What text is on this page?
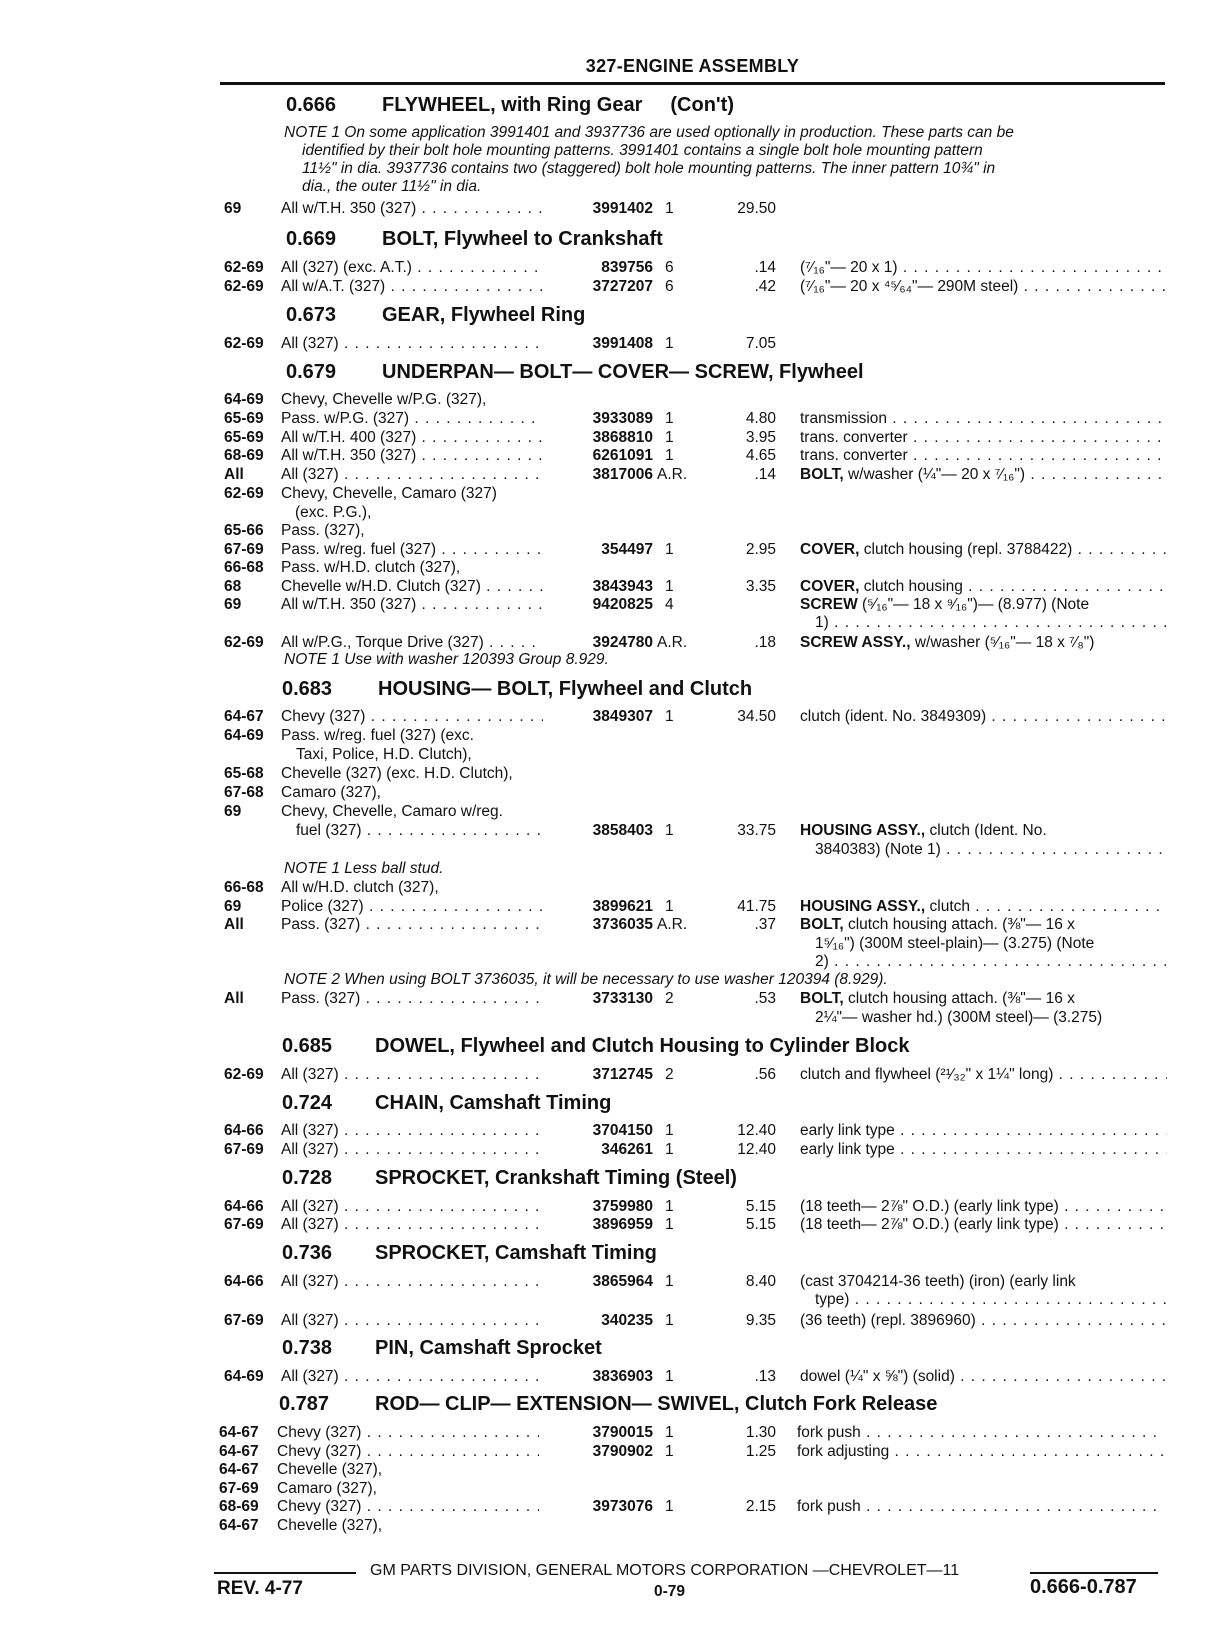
327-ENGINE ASSEMBLY
0.666 FLYWHEEL, with Ring Gear (Con't)
NOTE 1 On some application 3991401 and 3937736 are used optionally in production. These parts can be
identified by their bolt hole mounting patterns. 3991401 contains a single bolt hole mounting pattern
11½" in dia. 3937736 contains two (staggered) bolt hole mounting patterns. The inner pattern 10¾" in
dia., the outer 11½" in dia.
69	All w/T.H. 350 (327) . . .	3991402 1	29.50
0.669 BOLT, Flywheel to Crankshaft
62-69 All (327) (exc. A.T.) . . .	839756 6	.14 (⁷⁄₁₆"— 20 x 1) . . .
62-69 All w/A.T. (327) . . .	3727207 6	.42 (⁷⁄₁₆"— 20 x ⁴⁵⁄₆₄"— 290M steel) . . .
0.673 GEAR, Flywheel Ring
62-69 All (327) . . .	3991408 1	7.05
0.679 UNDERPAN— BOLT— COVER— SCREW, Flywheel
64-69 Chevy, Chevelle w/P.G. (327),
65-69 Pass. w/P.G. (327) . . .	3933089 1	4.80 transmission . . .
65-69 All w/T.H. 400 (327) . . .	3868810 1	3.95 trans. converter . . .
68-69 All w/T.H. 350 (327) . . .	6261091 1	4.65 trans. converter . . .
All All (327) . . .	3817006 A.R.	.14 BOLT, w/washer (¼"— 20 x ⁷⁄₁₆") . . .
62-69 Chevy, Chevelle, Camaro (327)
(exc. P.G.),
65-66 Pass. (327),
67-69 Pass. w/reg. fuel (327) . . .	354497 1	2.95 COVER, clutch housing (repl. 3788422) . . .
66-68 Pass. w/H.D. clutch (327),
68	Chevelle w/H.D. Clutch (327) . . .	3843943 1	3.35 COVER, clutch housing . . .
69	All w/T.H. 350 (327) . . .	9420825 4	SCREW (⁵⁄₁₆"— 18 x ⁹⁄₁₆")— (8.977) (Note
1) . . .
62-69 All w/P.G., Torque Drive (327) . . .	3924780 A.R.	.18 SCREW ASSY., w/washer (⁵⁄₁₆"— 18 x ⁷⁄₈")
NOTE 1 Use with washer 120393 Group 8.929.
0.683 HOUSING— BOLT, Flywheel and Clutch
64-67 Chevy (327) . . .	3849307 1	34.50 clutch (ident. No. 3849309) . . .
64-69 Pass. w/reg. fuel (327) (exc.
Taxi, Police, H.D. Clutch),
65-68 Chevelle (327) (exc. H.D. Clutch),
67-68 Camaro (327),
69	Chevy, Chevelle, Camaro w/reg.
fuel (327) . . .	3858403 1	33.75 HOUSING ASSY., clutch (Ident. No.
3840383) (Note 1) . . .
NOTE 1 Less ball stud.
66-68 All w/H.D. clutch (327),
69	Police (327) . . .	3899621 1	41.75 HOUSING ASSY., clutch . . .
All Pass. (327) . . .	3736035 A.R.	.37 BOLT, clutch housing attach. (⅜"— 16 x
1⁵⁄₁₆") (300M steel-plain)— (3.275) (Note
2) . . .
NOTE 2 When using BOLT 3736035, it will be necessary to use washer 120394 (8.929).
All Pass. (327) . . .	3733130 2	.53 BOLT, clutch housing attach. (⅜"— 16 x
2¼"— washer hd.) (300M steel)— (3.275)
0.685 DOWEL, Flywheel and Clutch Housing to Cylinder Block
62-69 All (327) . . .	3712745 2	.56 clutch and flywheel (²¹⁄₃₂" x 1¼" long) . . .
0.724 CHAIN, Camshaft Timing
64-66 All (327) . . .	3704150 1	12.40 early link type . . .
67-69 All (327) . . .	346261 1	12.40 early link type . . .
0.728 SPROCKET, Crankshaft Timing (Steel)
64-66 All (327) . . .	3759980 1	5.15 (18 teeth— 2⅞" O.D.) (early link type) . . .
67-69 All (327) . . .	3896959 1	5.15 (18 teeth— 2⅞" O.D.) (early link type) . . .
0.736 SPROCKET, Camshaft Timing
64-66 All (327) . . .	3865964 1	8.40 (cast 3704214-36 teeth) (iron) (early link
type) . . .
67-69 All (327) . . .	340235 1	9.35 (36 teeth) (repl. 3896960) . . .
0.738 PIN, Camshaft Sprocket
64-69 All (327) . . .	3836903 1	.13 dowel (¼" x ⅝") (solid) . . .
0.787 ROD— CLIP— EXTENSION— SWIVEL, Clutch Fork Release
64-67 Chevy (327) . . .	3790015 1	1.30 fork push . . .
64-67 Chevy (327) . . .	3790902 1	1.25 fork adjusting . . .
64-67 Chevelle (327),
67-69 Camaro (327),
68-69 Chevy (327) . . .	3973076 1	2.15 fork push . . .
64-67 Chevelle (327),
GM PARTS DIVISION, GENERAL MOTORS CORPORATION —CHEVROLET—11
REV. 4-77	0-79	0.666-0.787
